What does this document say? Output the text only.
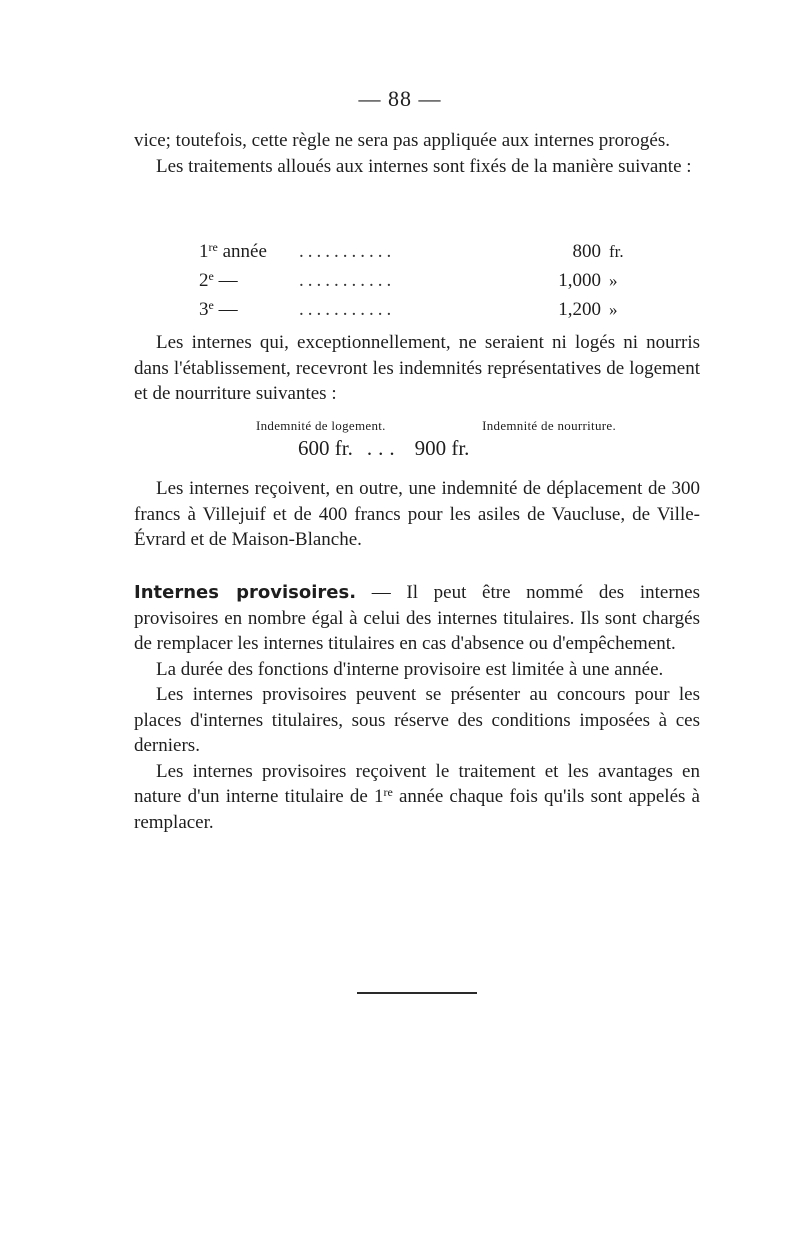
— 88 —

vice; toutefois, cette règle ne sera pas appliquée aux internes prorogés.

Les traitements alloués aux internes sont fixés de la manière suivante :

1re année	...........	800 fr.
2e —	...........	1,000 »
3e —	...........	1,200 »

Les internes qui, exceptionnellement, ne seraient ni logés ni nourris dans l'établissement, recevront les indemnités représentatives de logement et de nourriture suivantes :

Indemnité de logement.	Indemnité de nourriture.
600 fr. ... 900 fr.

Les internes reçoivent, en outre, une indemnité de déplacement de 300 francs à Villejuif et de 400 francs pour les asiles de Vaucluse, de Ville-Évrard et de Maison-Blanche.

Internes provisoires. — Il peut être nommé des internes provisoires en nombre égal à celui des internes titulaires. Ils sont chargés de remplacer les internes titulaires en cas d'absence ou d'empêchement.

La durée des fonctions d'interne provisoire est limitée à une année.

Les internes provisoires peuvent se présenter au concours pour les places d'internes titulaires, sous réserve des conditions imposées à ces derniers.

Les internes provisoires reçoivent le traitement et les avantages en nature d'un interne titulaire de 1re année chaque fois qu'ils sont appelés à remplacer.
